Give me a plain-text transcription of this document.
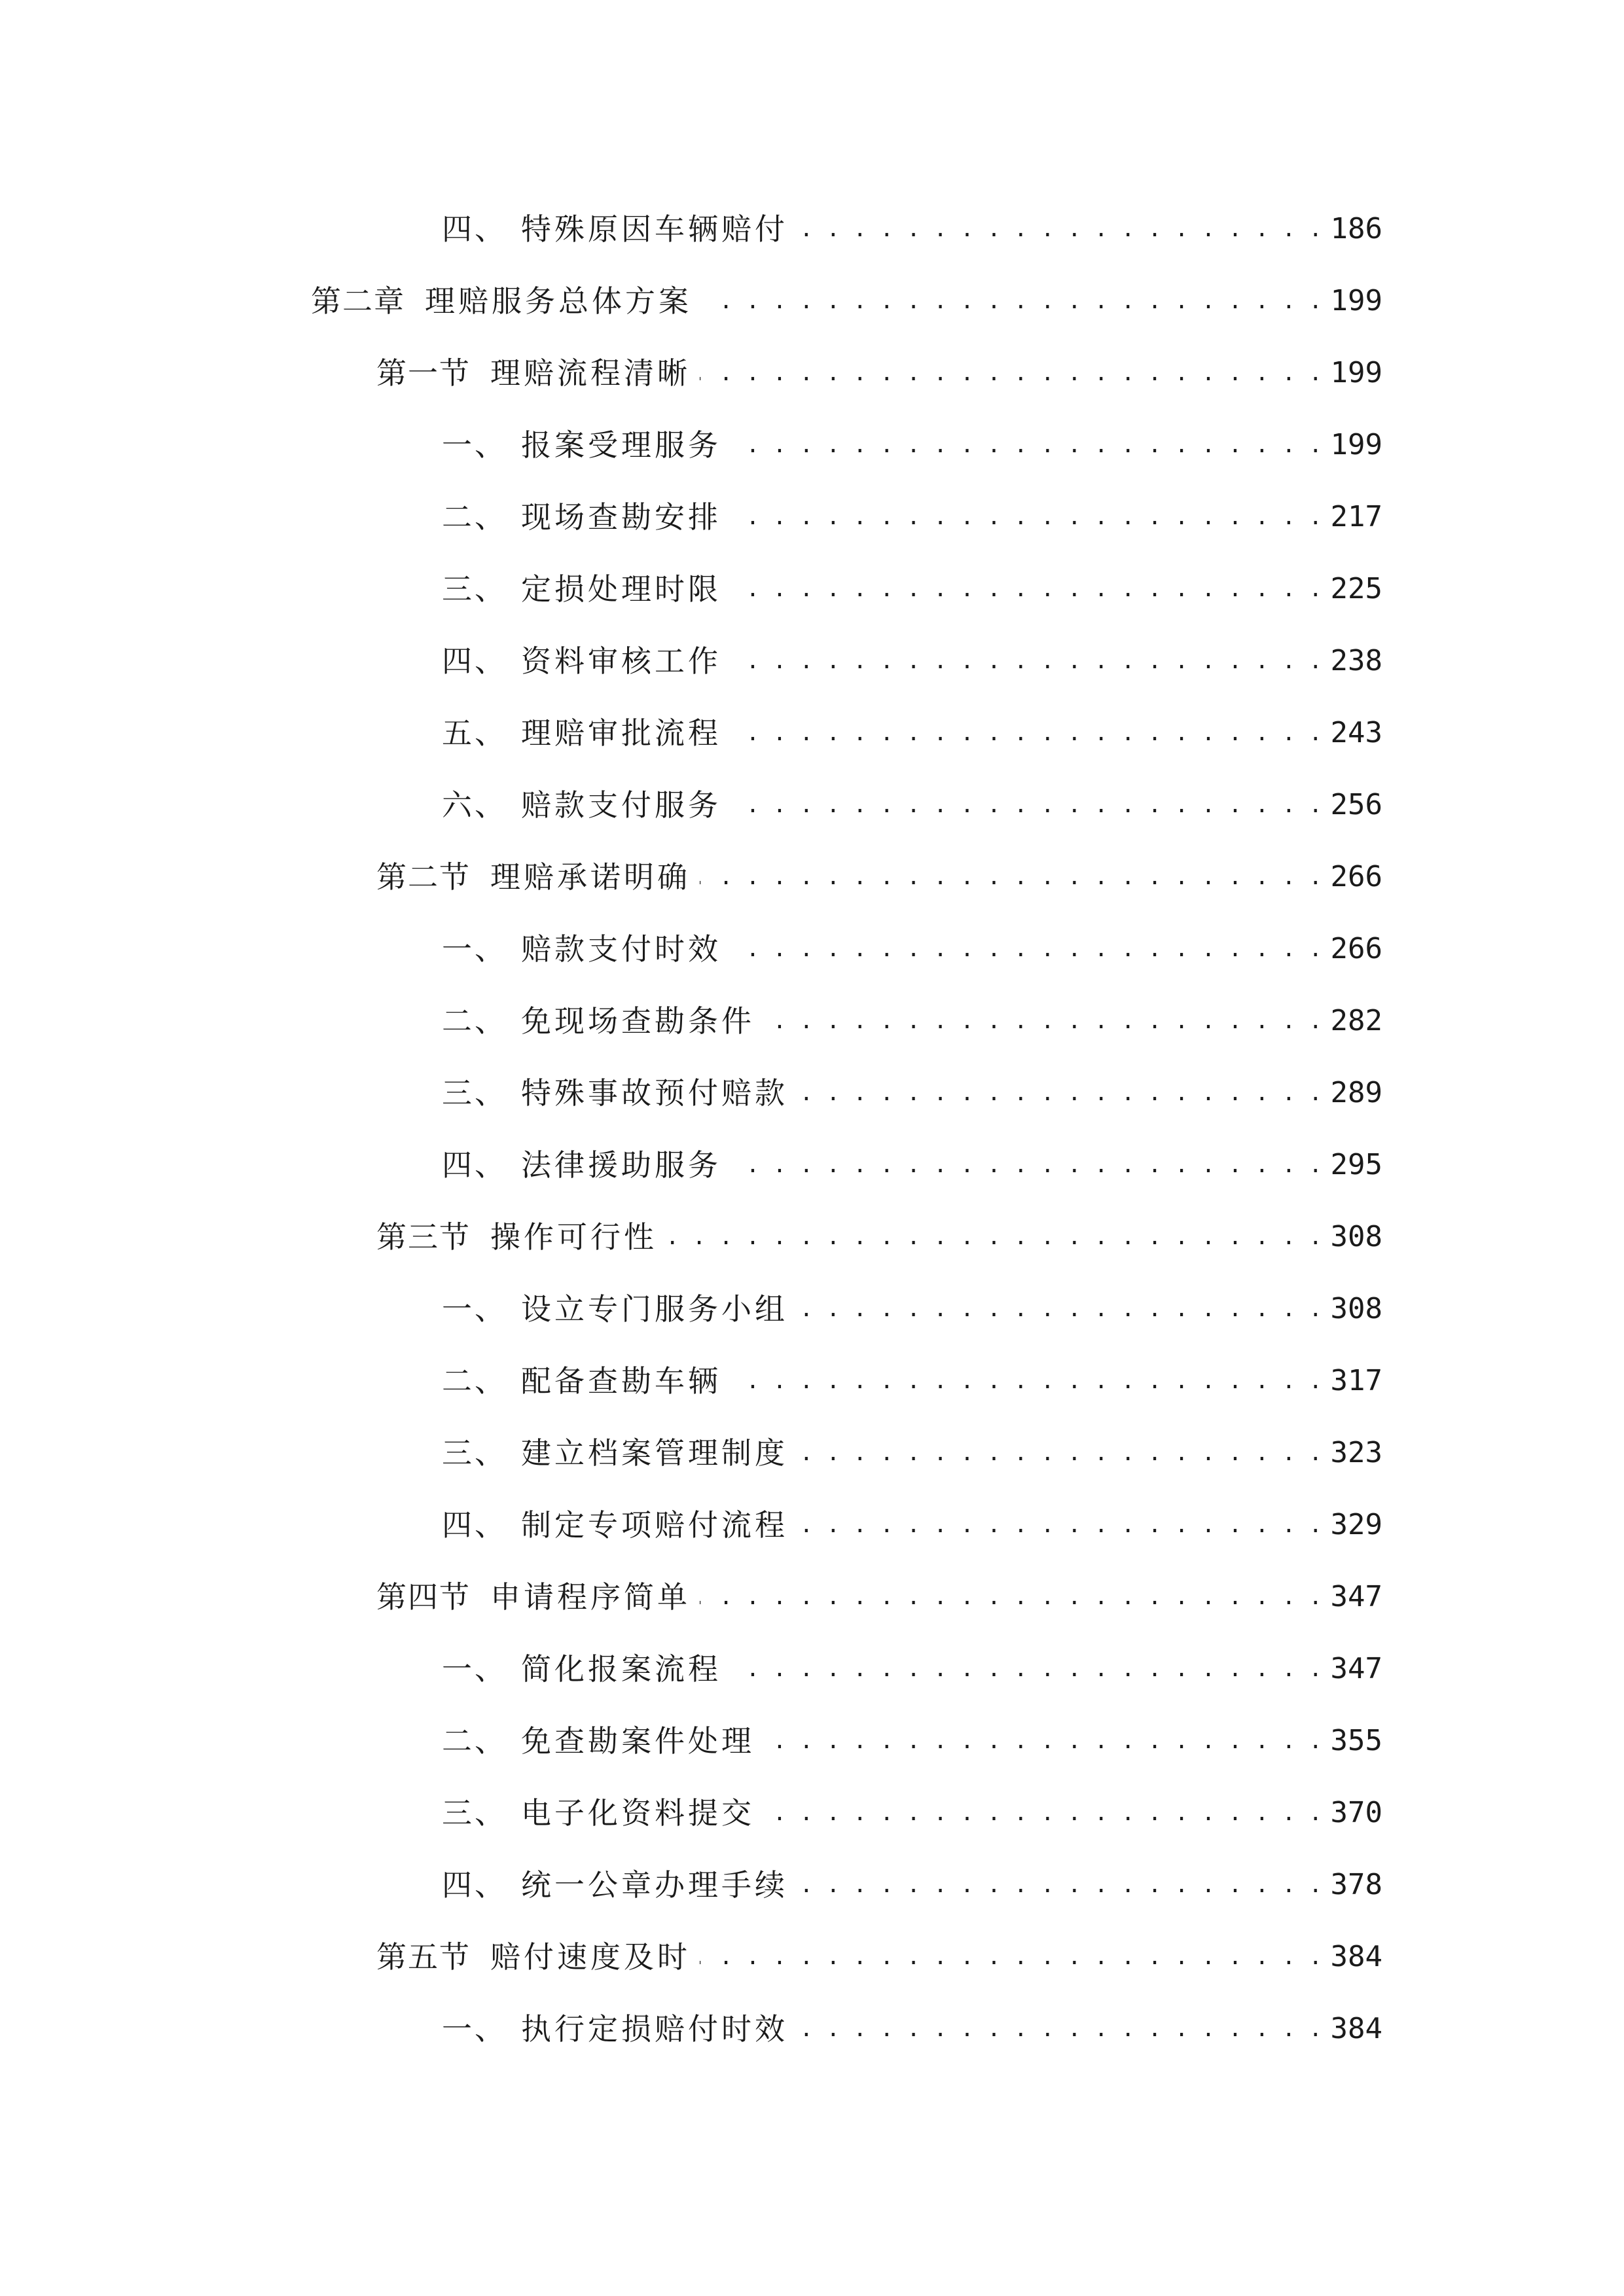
四、 特殊原因车辆赔付 . . .	186
第二章 理赔服务总体方案 . . .	199
第一节 理赔流程清晰 . . .	199
一、 报案受理服务 . . .	199
二、 现场查勘安排 . . .	217
三、 定损处理时限 . . .	225
四、 资料审核工作 . . .	238
五、 理赔审批流程 . . .	243
六、 赔款支付服务 . . .	256
第二节 理赔承诺明确 . . .	266
一、 赔款支付时效 . . .	266
二、 免现场查勘条件 . . .	282
三、 特殊事故预付赔款 . . .	289
四、 法律援助服务 . . .	295
第三节 操作可行性 . . .	308
一、 设立专门服务小组 . . .	308
二、 配备查勘车辆 . . .	317
三、 建立档案管理制度 . . .	323
四、 制定专项赔付流程 . . .	329
第四节 申请程序简单 . . .	347
一、 简化报案流程 . . .	347
二、 免查勘案件处理 . . .	355
三、 电子化资料提交 . . .	370
四、 统一公章办理手续 . . .	378
第五节 赔付速度及时 . . .	384
一、 执行定损赔付时效 . . .	384
